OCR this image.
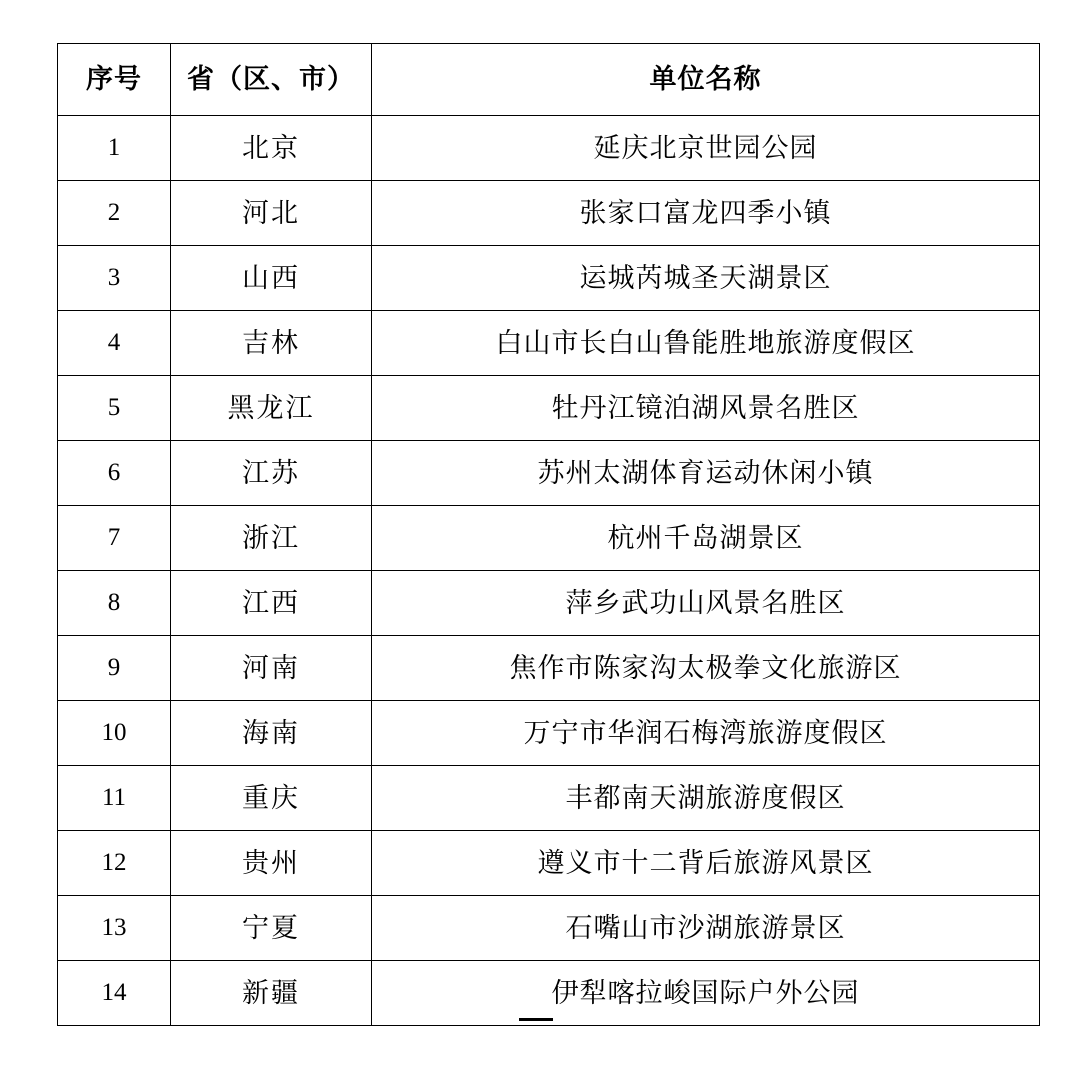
序号	省（区、市）	单位名称
1	北京	延庆北京世园公园
2	河北	张家口富龙四季小镇
3	山西	运城芮城圣天湖景区
4	吉林	白山市长白山鲁能胜地旅游度假区
5	黑龙江	牡丹江镜泊湖风景名胜区
6	江苏	苏州太湖体育运动休闲小镇
7	浙江	杭州千岛湖景区
8	江西	萍乡武功山风景名胜区
9	河南	焦作市陈家沟太极拳文化旅游区
10	海南	万宁市华润石梅湾旅游度假区
11	重庆	丰都南天湖旅游度假区
12	贵州	遵义市十二背后旅游风景区
13	宁夏	石嘴山市沙湖旅游景区
14	新疆	伊犁喀拉峻国际户外公园
